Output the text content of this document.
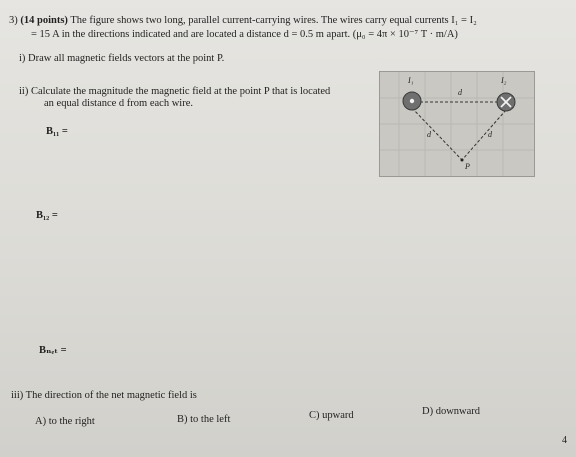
3) (14 points) The figure shows two long, parallel current-carrying wires. The wires carry equal currents I₁ = I₂
= 15 A in the directions indicated and are located a distance d = 0.5 m apart. (μ₀ = 4π × 10⁻⁷ T · m/A)
i) Draw all magnetic fields vectors at the point P.
ii) Calculate the magnitude the magnetic field at the point P that is located
an equal distance d from each wire.
B₁₁ =
B₁₂ =
Bₙₑₜ =
I₁	I₂
d
d	d
P
iii) The direction of the net magnetic field is
A) to the right	B) to the left	C) upward	D) downward
4
